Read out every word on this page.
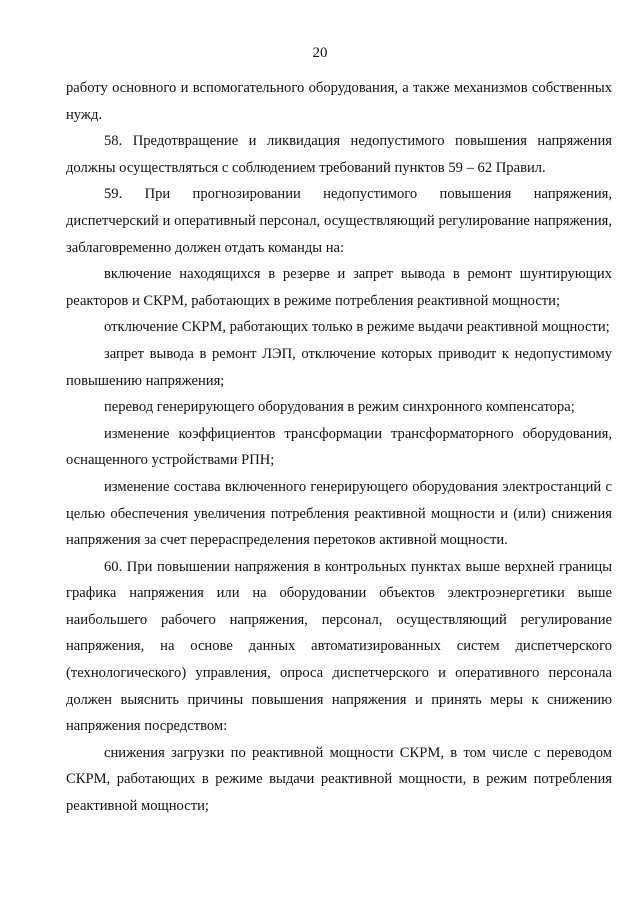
20

работу основного и вспомогательного оборудования, а также механизмов собственных нужд.

58. Предотвращение и ликвидация недопустимого повышения напряжения должны осуществляться с соблюдением требований пунктов 59 – 62 Правил.

59. При прогнозировании недопустимого повышения напряжения, диспетчерский и оперативный персонал, осуществляющий регулирование напряжения, заблаговременно должен отдать команды на:

включение находящихся в резерве и запрет вывода в ремонт шунтирующих реакторов и СКРМ, работающих в режиме потребления реактивной мощности;

отключение СКРМ, работающих только в режиме выдачи реактивной мощности;

запрет вывода в ремонт ЛЭП, отключение которых приводит к недопустимому повышению напряжения;

перевод генерирующего оборудования в режим синхронного компенсатора;

изменение коэффициентов трансформации трансформаторного оборудования, оснащенного устройствами РПН;

изменение состава включенного генерирующего оборудования электростанций с целью обеспечения увеличения потребления реактивной мощности и (или) снижения напряжения за счет перераспределения перетоков активной мощности.

60. При повышении напряжения в контрольных пунктах выше верхней границы графика напряжения или на оборудовании объектов электроэнергетики выше наибольшего рабочего напряжения, персонал, осуществляющий регулирование напряжения, на основе данных автоматизированных систем диспетчерского (технологического) управления, опроса диспетчерского и оперативного персонала должен выяснить причины повышения напряжения и принять меры к снижению напряжения посредством:

снижения загрузки по реактивной мощности СКРМ, в том числе с переводом СКРМ, работающих в режиме выдачи реактивной мощности, в режим потребления реактивной мощности;
